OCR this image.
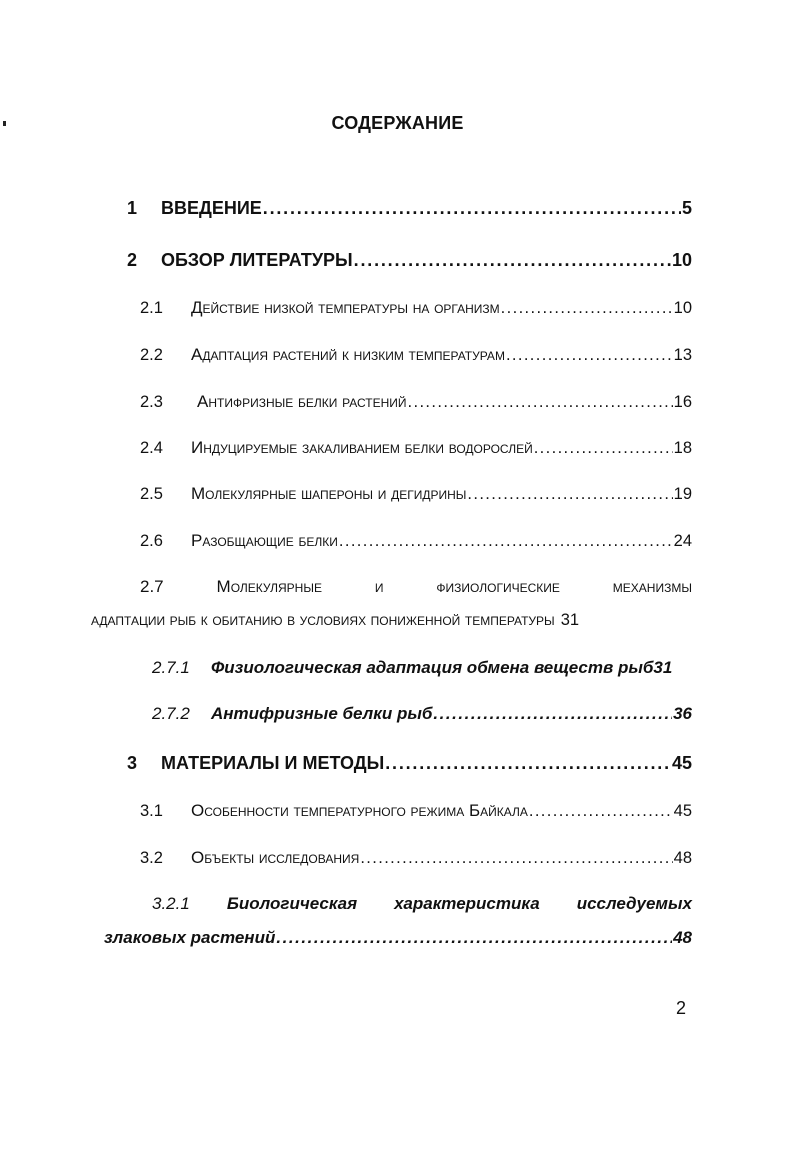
СОДЕРЖАНИЕ
1	ВВЕДЕНИЕ . . .	5
2	ОБЗОР ЛИТЕРАТУРЫ . . .	10
2.1	Действие низкой температуры на организм . . .	10
2.2	Адаптация растений к низким температурам . . .	13
2.3	Антифризные белки растений . . .	16
2.4	Индуцируемые закаливанием белки водорослей . . .	18
2.5	Молекулярные шапероны и дегидрины . . .	19
2.6	Разобщающие белки . . .	24
2.7	Молекулярные	и	физиологические	механизмы
адаптации рыб к обитанию в условиях пониженной температуры 31
2.7.1	Физиологическая адаптация обмена веществ рыб 31
2.7.2	Антифризные белки рыб . . .	36
3	МАТЕРИАЛЫ И МЕТОДЫ . . .	45
3.1	Особенности температурного режима Байкала . . .	45
3.2	Объекты исследования . . .	48
3.2.1 Биологическая характеристика исследуемых
злаковых растений . . .	48
2
